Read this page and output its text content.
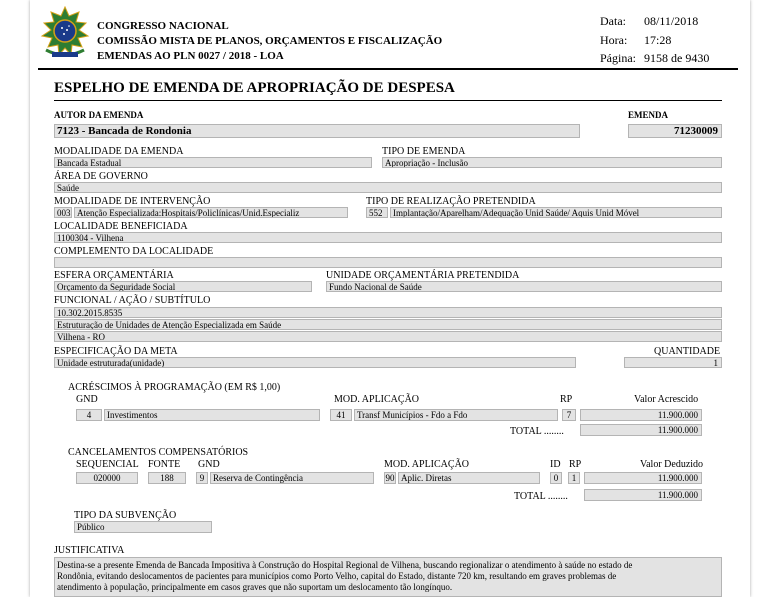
CONGRESSO NACIONAL
COMISSÃO MISTA DE PLANOS, ORÇAMENTOS E FISCALIZAÇÃO
EMENDAS AO PLN 0027 / 2018 - LOA
Data: 08/11/2018
Hora: 17:28
Página: 9158 de 9430
ESPELHO DE EMENDA DE APROPRIAÇÃO DE DESPESA
AUTOR DA EMENDA
7123 - Bancada de Rondonia
EMENDA
71230009
MODALIDADE DA EMENDA
Bancada Estadual
TIPO DE EMENDA
Apropriação - Inclusão
ÁREA DE GOVERNO
Saúde
MODALIDADE DE INTERVENÇÃO
003 Atenção Especializada:Hospitais/Policlínicas/Unid.Especializ
TIPO DE REALIZAÇÃO PRETENDIDA
552	Implantação/Aparelham/Adequação Unid Saúde/ Aquis Unid Móvel
LOCALIDADE BENEFICIADA
1100304 - Vilhena
COMPLEMENTO DA LOCALIDADE
ESFERA ORÇAMENTÁRIA
Orçamento da Seguridade Social
UNIDADE ORÇAMENTÁRIA PRETENDIDA
Fundo Nacional de Saúde
FUNCIONAL / AÇÃO / SUBTÍTULO
10.302.2015.8535
Estruturação de Unidades de Atenção Especializada em Saúde
Vilhena - RO
ESPECIFICAÇÃO DA META
Unidade estruturada(unidade)
QUANTIDADE
1
ACRÉSCIMOS À PROGRAMAÇÃO (EM R$ 1,00)
GND	MOD. APLICAÇÃO	RP	Valor Acrescido
4	Investimentos	41	Transf Municípios - Fdo a Fdo	7	11.900.000
TOTAL ........	11.900.000
CANCELAMENTOS COMPENSATÓRIOS
SEQUENCIAL FONTE GND	MOD. APLICAÇÃO	ID RP	Valor Deduzido
020000	188	9 Reserva de Contingência	90 Aplic. Diretas	0	1	11.900.000
TOTAL ........	11.900.000
TIPO DA SUBVENÇÃO
Público
JUSTIFICATIVA
Destina-se a presente Emenda de Bancada Impositiva à Construção do Hospital Regional de Vilhena, buscando regionalizar o atendimento à saúde no estado de
Rondônia, evitando deslocamentos de pacientes para municípios como Porto Velho, capital do Estado, distante 720 km, resultando em graves problemas de
atendimento à população, principalmente em casos graves que não suportam um deslocamento tão longínquo.
